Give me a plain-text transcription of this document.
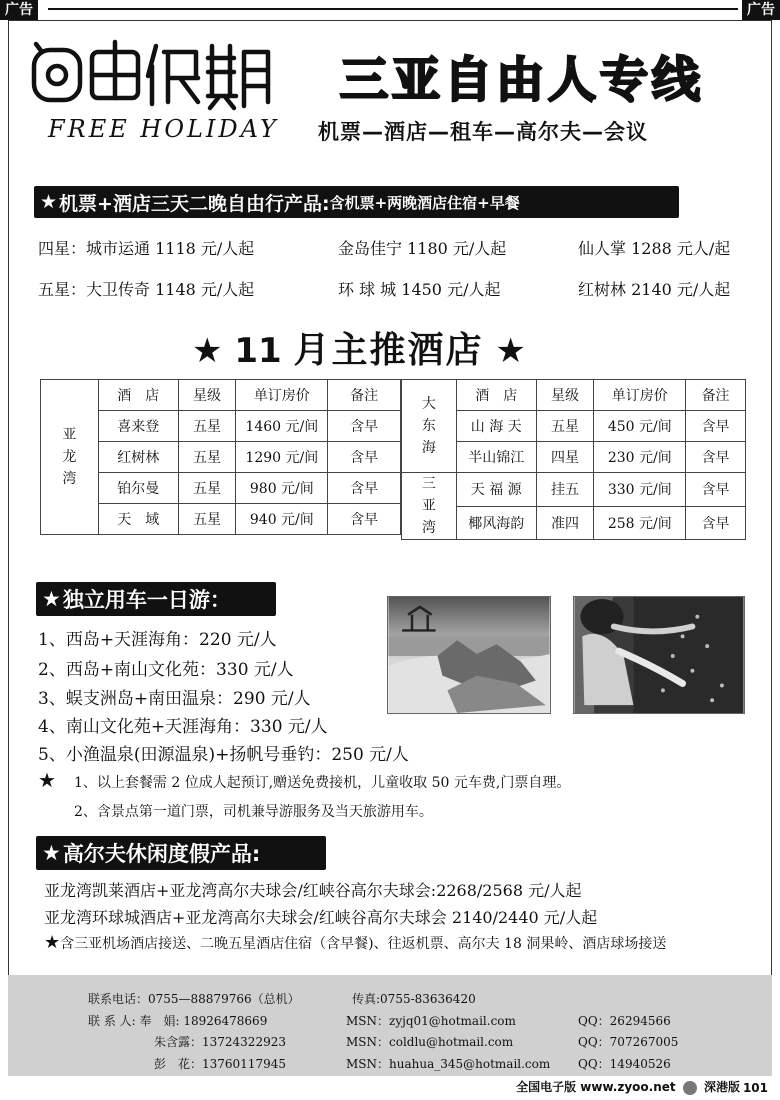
广告	广告
FREE HOLIDAY
三亚自由人专线
机票—酒店—租车—高尔夫—会议
★ 机票+酒店三天二晚自由行产品: 含机票+两晚酒店住宿+早餐
四星：城市运通 1118 元/人起	金岛佳宁 1180 元/人起	仙人掌 1288 元人/起
五星：大卫传奇 1148 元/人起	环 球 城 1450 元/人起	红树林 2140 元/人起
★ 11 月主推酒店 ★
亚龙湾	酒　店	星级	单订房价	备注
	喜来登	五星	1460 元/间	含早
	红树林	五星	1290 元/间	含早
	铂尔曼	五星	980 元/间	含早
	天　域	五星	940 元/间	含早
大东海	酒　店	星级	单订房价	备注
	山 海 天	五星	450 元/间	含早
	半山锦江	四星	230 元/间	含早

三亚湾	天 福 源	挂五	330 元/间	含早
	椰风海韵	准四	258 元/间	含早
★ 独立用车一日游：
1、西岛+天涯海角：220 元/人
2、西岛+南山文化苑：330 元/人
3、蜈支洲岛+南田温泉：290 元/人
4、南山文化苑+天涯海角：330 元/人
5、小渔温泉(田源温泉)+扬帆号垂钓：250 元/人
★ 1、以上套餐需 2 位成人起预订,赠送免费接机，儿童收取 50 元车费,门票自理。
2、含景点第一道门票，司机兼导游服务及当天旅游用车。
★ 高尔夫休闲度假产品:
亚龙湾凯莱酒店+亚龙湾高尔夫球会/红峡谷高尔夫球会:2268/2568 元/人起
亚龙湾环球城酒店+亚龙湾高尔夫球会/红峡谷高尔夫球会 2140/2440 元/人起
★含三亚机场酒店接送、二晚五星酒店住宿（含早餐)、往返机票、高尔夫 18 洞果岭、酒店球场接送
联系电话：0755—88879766（总机）	传真:0755-83636420
联 系 人: 奉　娟: 18926478669	MSN：zyjq01@hotmail.com	QQ：26294566
朱含露：13724322923	MSN：coldlu@hotmail.com	QQ：707267005
彭　花：13760117945	MSN：huahua_345@hotmail.com QQ：14940526
全国电子版 www.zyoo.net 深港版 101
